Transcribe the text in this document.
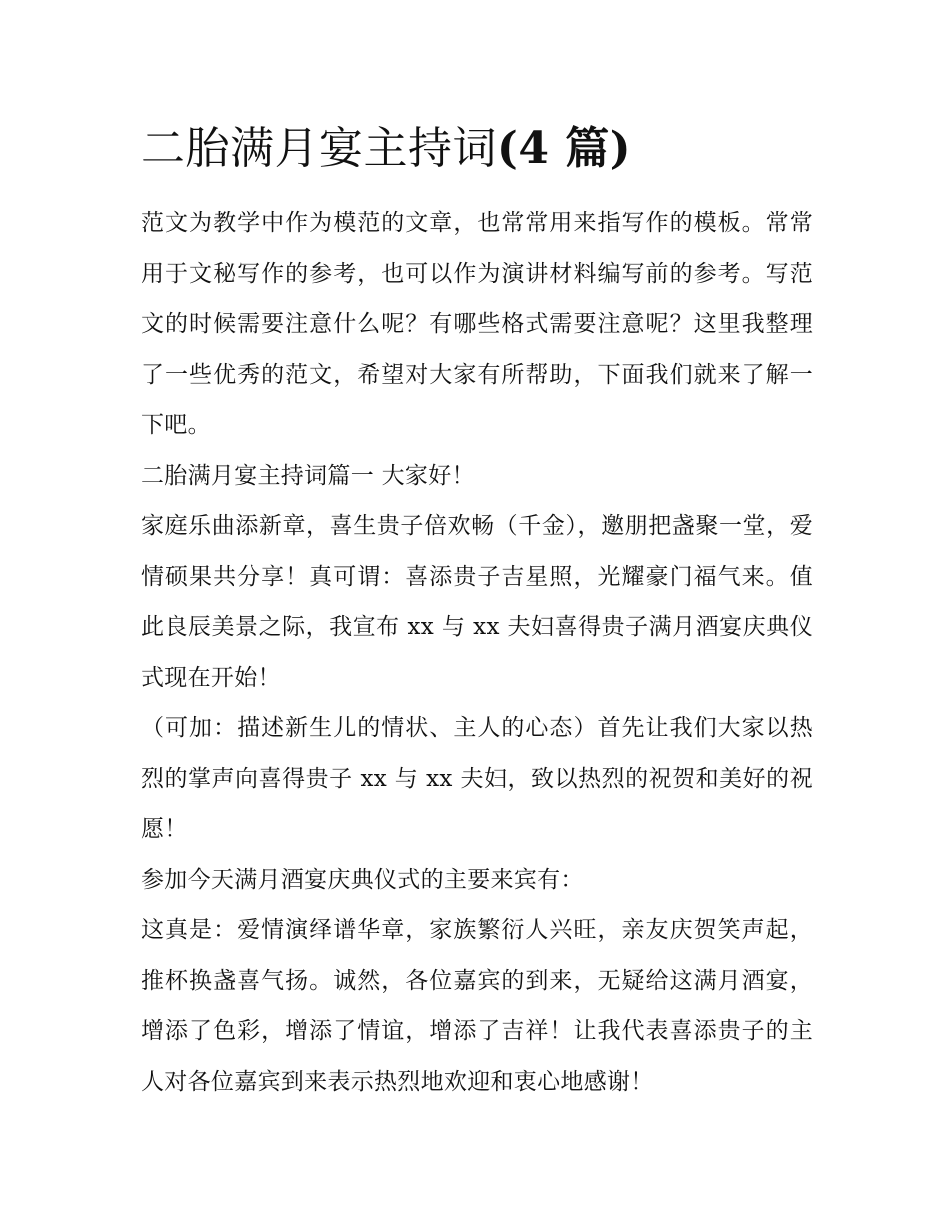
二胎满月宴主持词(4 篇)

范文为教学中作为模范的文章，也常常用来指写作的模板。常常用于文秘写作的参考，也可以作为演讲材料编写前的参考。写范文的时候需要注意什么呢？有哪些格式需要注意呢？这里我整理了一些优秀的范文，希望对大家有所帮助，下面我们就来了解一下吧。

二胎满月宴主持词篇一 大家好！

家庭乐曲添新章，喜生贵子倍欢畅（千金），邀朋把盏聚一堂，爱情硕果共分享！真可谓：喜添贵子吉星照，光耀豪门福气来。值此良辰美景之际，我宣布 xx 与 xx 夫妇喜得贵子满月酒宴庆典仪式现在开始！

（可加：描述新生儿的情状、主人的心态）首先让我们大家以热烈的掌声向喜得贵子 xx 与 xx 夫妇，致以热烈的祝贺和美好的祝愿！

参加今天满月酒宴庆典仪式的主要来宾有：

这真是：爱情演绎谱华章，家族繁衍人兴旺，亲友庆贺笑声起，推杯换盏喜气扬。诚然，各位嘉宾的到来，无疑给这满月酒宴，增添了色彩，增添了情谊，增添了吉祥！让我代表喜添贵子的主人对各位嘉宾到来表示热烈地欢迎和衷心地感谢！
